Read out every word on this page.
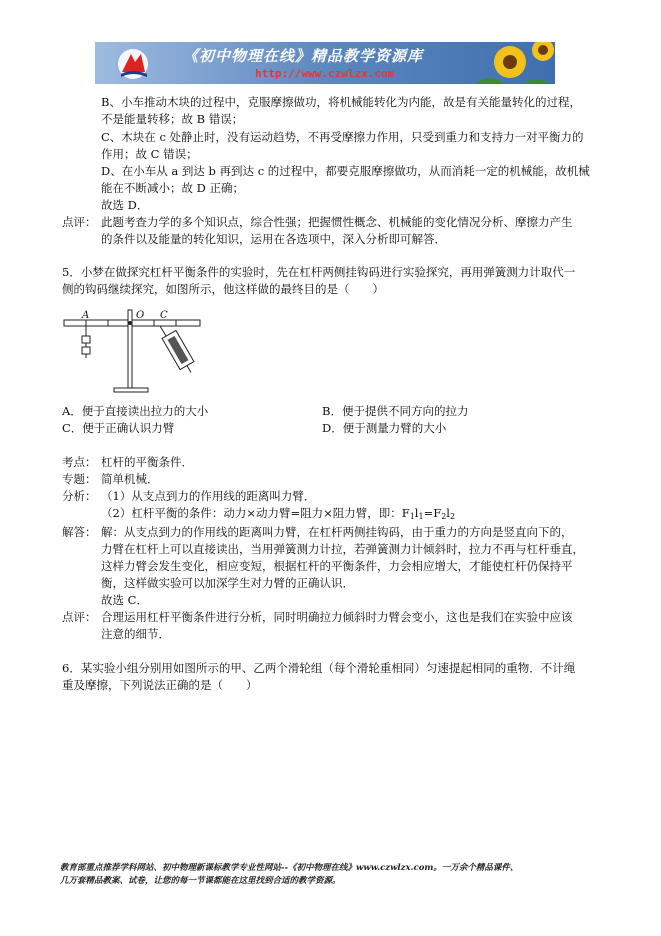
《初中物理在线》精品教学资源库
http://www.czwlzx.com
B、小车推动木块的过程中，克服摩擦做功，将机械能转化为内能，故是有关能量转化的过程，
不是能量转移；故 B 错误；
C、木块在 c 处静止时，没有运动趋势，不再受摩擦力作用，只受到重力和支持力一对平衡力的
作用；故 C 错误；
D、在小车从 a 到达 b 再到达 c 的过程中，都要克服摩擦做功，从而消耗一定的机械能，故机械
能在不断减小；故 D 正确；
故选 D．
点评： 此题考查力学的多个知识点，综合性强；把握惯性概念、机械能的变化情况分析、摩擦力产生
的条件以及能量的转化知识，运用在各选项中，深入分析即可解答．
5．小梦在做探究杠杆平衡条件的实验时，先在杠杆两侧挂钩码进行实验探究，再用弹簧测力计取代一
侧的钩码继续探究，如图所示，他这样做的最终目的是（　　）
A	O C
A．便于直接读出拉力的大小	B．便于提供不同方向的拉力
C．便于正确认识力臂	D．便于测量力臂的大小
考点： 杠杆的平衡条件．
专题： 简单机械．
分析： （1）从支点到力的作用线的距离叫力臂．
（2）杠杆平衡的条件：动力×动力臂=阻力×阻力臂，即：$F_1l_1=F_2l_2$
解答： 解：从支点到力的作用线的距离叫力臂，在杠杆两侧挂钩码，由于重力的方向是竖直向下的，
力臂在杠杆上可以直接读出，当用弹簧测力计拉，若弹簧测力计倾斜时，拉力不再与杠杆垂直，
这样力臂会发生变化，相应变短，根据杠杆的平衡条件，力会相应增大，才能使杠杆仍保持平
衡，这样做实验可以加深学生对力臂的正确认识．
故选 C．
点评： 合理运用杠杆平衡条件进行分析，同时明确拉力倾斜时力臂会变小，这也是我们在实验中应该
注意的细节．
6．某实验小组分别用如图所示的甲、乙两个滑轮组（每个滑轮重相同）匀速提起相同的重物．不计绳
重及摩擦，下列说法正确的是（　　）
教育部重点推荐学科网站、初中物理新课标教学专业性网站--《初中物理在线》www.czwlzx.com。一万余个精品课件、
几万套精品教案、试卷，让您的每一节课都能在这里找到合适的教学资源。
